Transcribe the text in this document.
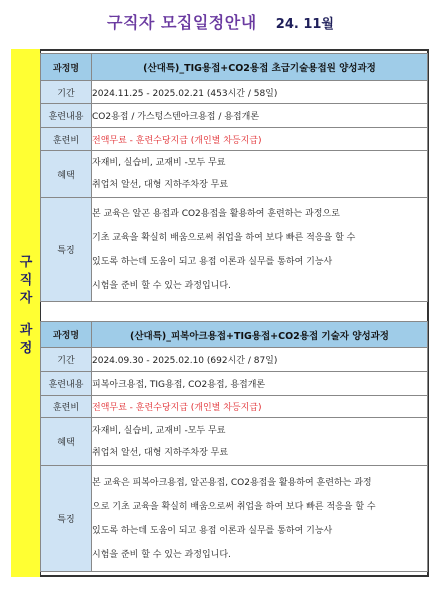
구직자 모집일정안내 24. 11월
구
직
자
과
정
과정명	(산대특)_TIG용접+CO2용접 초급기술용접원 양성과정
기간	2024.11.25 - 2025.02.21 (453시간 / 58일)
훈련내용	CO2용접 / 가스텅스텐아크용접 / 용접개론
훈련비	전액무료 - 훈련수당지급 (개인별 차등지급)
혜택	자재비, 실습비, 교재비 -모두 무료
취업처 알선, 대형 지하주차장 무료

특징	본 교육은 알곤 용접과 CO2용접을 활용하여 훈련하는 과정으로
기초 교육을 확실히 배움으로써 취업을 하여 보다 빠른 적응을 할 수
있도록 하는데 도움이 되고 용접 이론과 실무를 통하여 기능사
시험을 준비 할 수 있는 과정입니다.
과정명	(산대특)_피복아크용접+TIG용접+CO2용접 기술자 양성과정
기간	2024.09.30 - 2025.02.10 (692시간 / 87일)
훈련내용	피복아크용접, TIG용접, CO2용접, 용접개론
훈련비	전액무료 - 훈련수당지급 (개인별 차등지급)
혜택	자재비, 실습비, 교재비 -모두 무료
취업처 알선, 대형 지하주차장 무료

특징	본 교육은 피복아크용접, 알곤용접, CO2용접을 활용하여 훈련하는 과정
으로 기초 교육을 확실히 배움으로써 취업을 하여 보다 빠른 적응을 할 수
있도록 하는데 도움이 되고 용접 이론과 실무를 통하여 기능사
시험을 준비 할 수 있는 과정입니다.
